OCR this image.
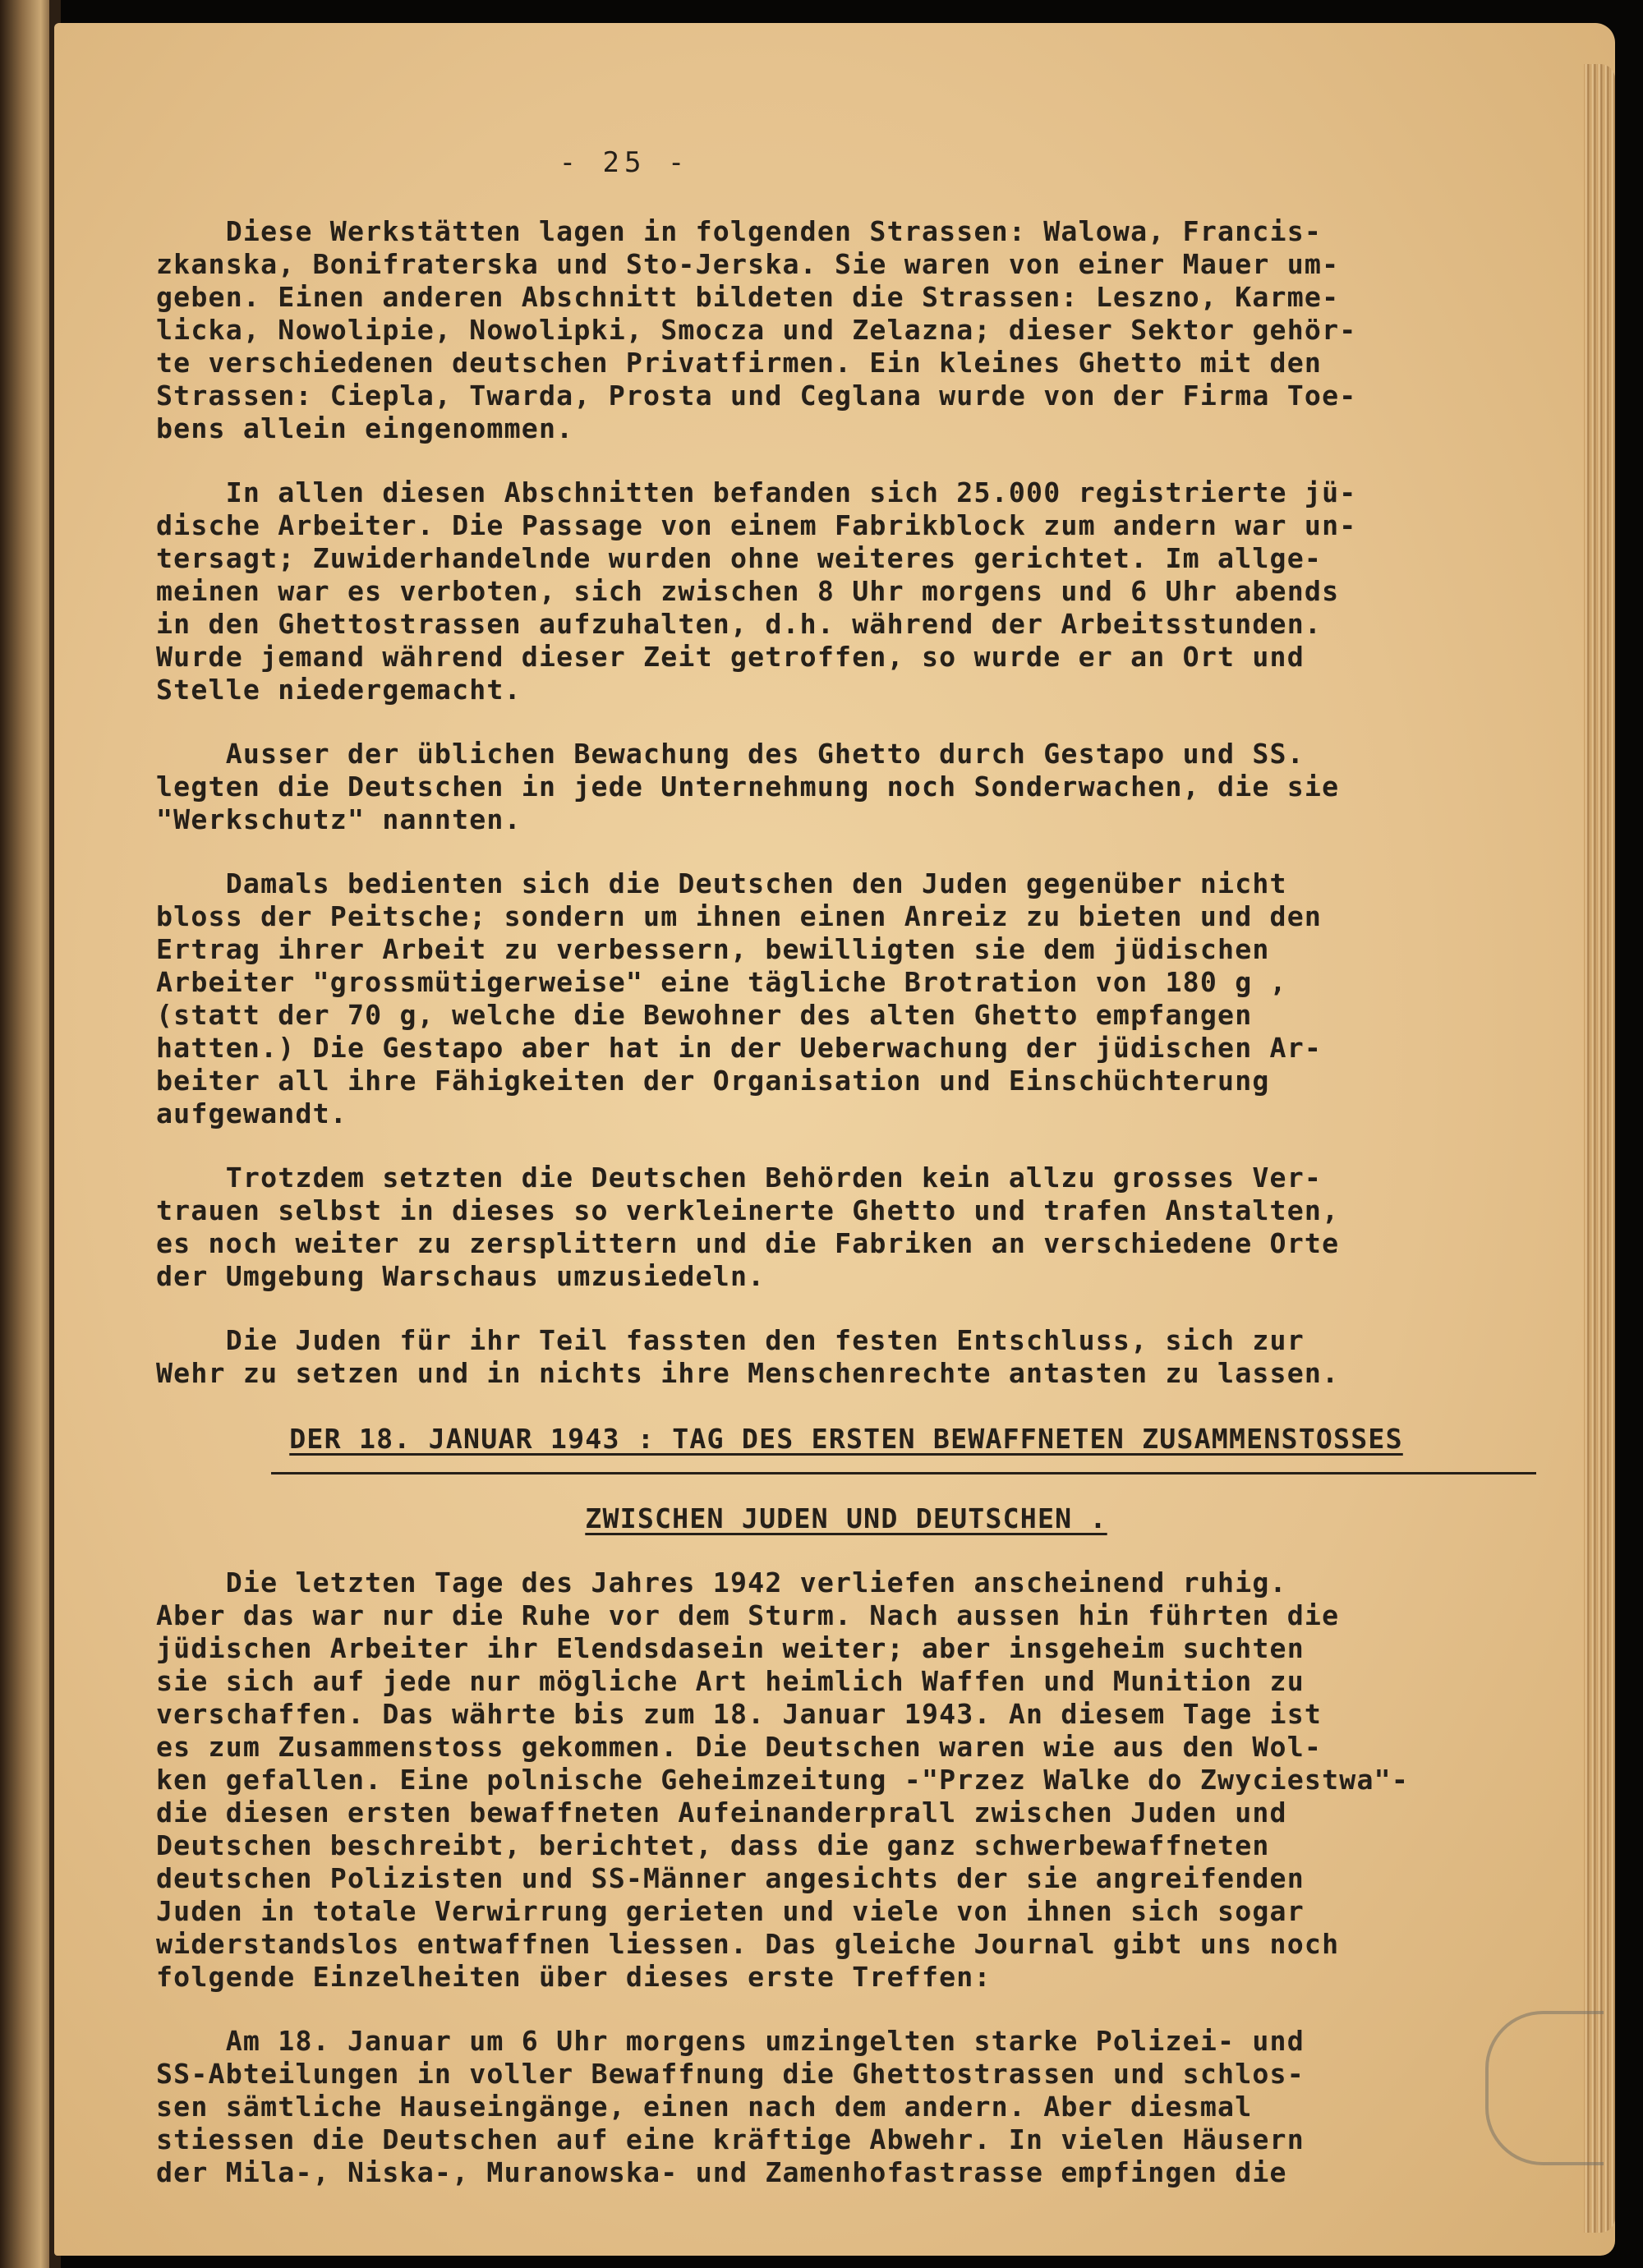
- 25 -
Diese Werkstätten lagen in folgenden Strassen: Walowa, Francis-
zkanska, Bonifraterska und Sto-Jerska. Sie waren von einer Mauer um-
geben. Einen anderen Abschnitt bildeten die Strassen: Leszno, Karme-
licka, Nowolipie, Nowolipki, Smocza und Zelazna; dieser Sektor gehör-
te verschiedenen deutschen Privatfirmen. Ein kleines Ghetto mit den
Strassen: Ciepla, Twarda, Prosta und Ceglana wurde von der Firma Toe-
bens allein eingenommen.
In allen diesen Abschnitten befanden sich 25.000 registrierte jü-
dische Arbeiter. Die Passage von einem Fabrikblock zum andern war un-
tersagt; Zuwiderhandelnde wurden ohne weiteres gerichtet. Im allge-
meinen war es verboten, sich zwischen 8 Uhr morgens und 6 Uhr abends
in den Ghettostrassen aufzuhalten, d.h. während der Arbeitsstunden.
Wurde jemand während dieser Zeit getroffen, so wurde er an Ort und
Stelle niedergemacht.
Ausser der üblichen Bewachung des Ghetto durch Gestapo und SS.
legten die Deutschen in jede Unternehmung noch Sonderwachen, die sie
"Werkschutz" nannten.
Damals bedienten sich die Deutschen den Juden gegenüber nicht
bloss der Peitsche; sondern um ihnen einen Anreiz zu bieten und den
Ertrag ihrer Arbeit zu verbessern, bewilligten sie dem jüdischen
Arbeiter "grossmütigerweise" eine tägliche Brotration von 180 g ,
(statt der 70 g, welche die Bewohner des alten Ghetto empfangen
hatten.) Die Gestapo aber hat in der Ueberwachung der jüdischen Ar-
beiter all ihre Fähigkeiten der Organisation und Einschüchterung
aufgewandt.
Trotzdem setzten die Deutschen Behörden kein allzu grosses Ver-
trauen selbst in dieses so verkleinerte Ghetto und trafen Anstalten,
es noch weiter zu zersplittern und die Fabriken an verschiedene Orte
der Umgebung Warschaus umzusiedeln.
Die Juden für ihr Teil fassten den festen Entschluss, sich zur
Wehr zu setzen und in nichts ihre Menschenrechte antasten zu lassen.
DER 18. JANUAR 1943 : TAG DES ERSTEN BEWAFFNETEN ZUSAMMENSTOSSES
ZWISCHEN JUDEN UND DEUTSCHEN .
Die letzten Tage des Jahres 1942 verliefen anscheinend ruhig.
Aber das war nur die Ruhe vor dem Sturm. Nach aussen hin führten die
jüdischen Arbeiter ihr Elendsdasein weiter; aber insgeheim suchten
sie sich auf jede nur mögliche Art heimlich Waffen und Munition zu
verschaffen. Das währte bis zum 18. Januar 1943. An diesem Tage ist
es zum Zusammenstoss gekommen. Die Deutschen waren wie aus den Wol-
ken gefallen. Eine polnische Geheimzeitung -"Przez Walke do Zwyciestwa"-
die diesen ersten bewaffneten Aufeinanderprall zwischen Juden und
Deutschen beschreibt, berichtet, dass die ganz schwerbewaffneten
deutschen Polizisten und SS-Männer angesichts der sie angreifenden
Juden in totale Verwirrung gerieten und viele von ihnen sich sogar
widerstandslos entwaffnen liessen. Das gleiche Journal gibt uns noch
folgende Einzelheiten über dieses erste Treffen:
Am 18. Januar um 6 Uhr morgens umzingelten starke Polizei- und
SS-Abteilungen in voller Bewaffnung die Ghettostrassen und schlos-
sen sämtliche Hauseingänge, einen nach dem andern. Aber diesmal
stiessen die Deutschen auf eine kräftige Abwehr. In vielen Häusern
der Mila-, Niska-, Muranowska- und Zamenhofastrasse empfingen die
